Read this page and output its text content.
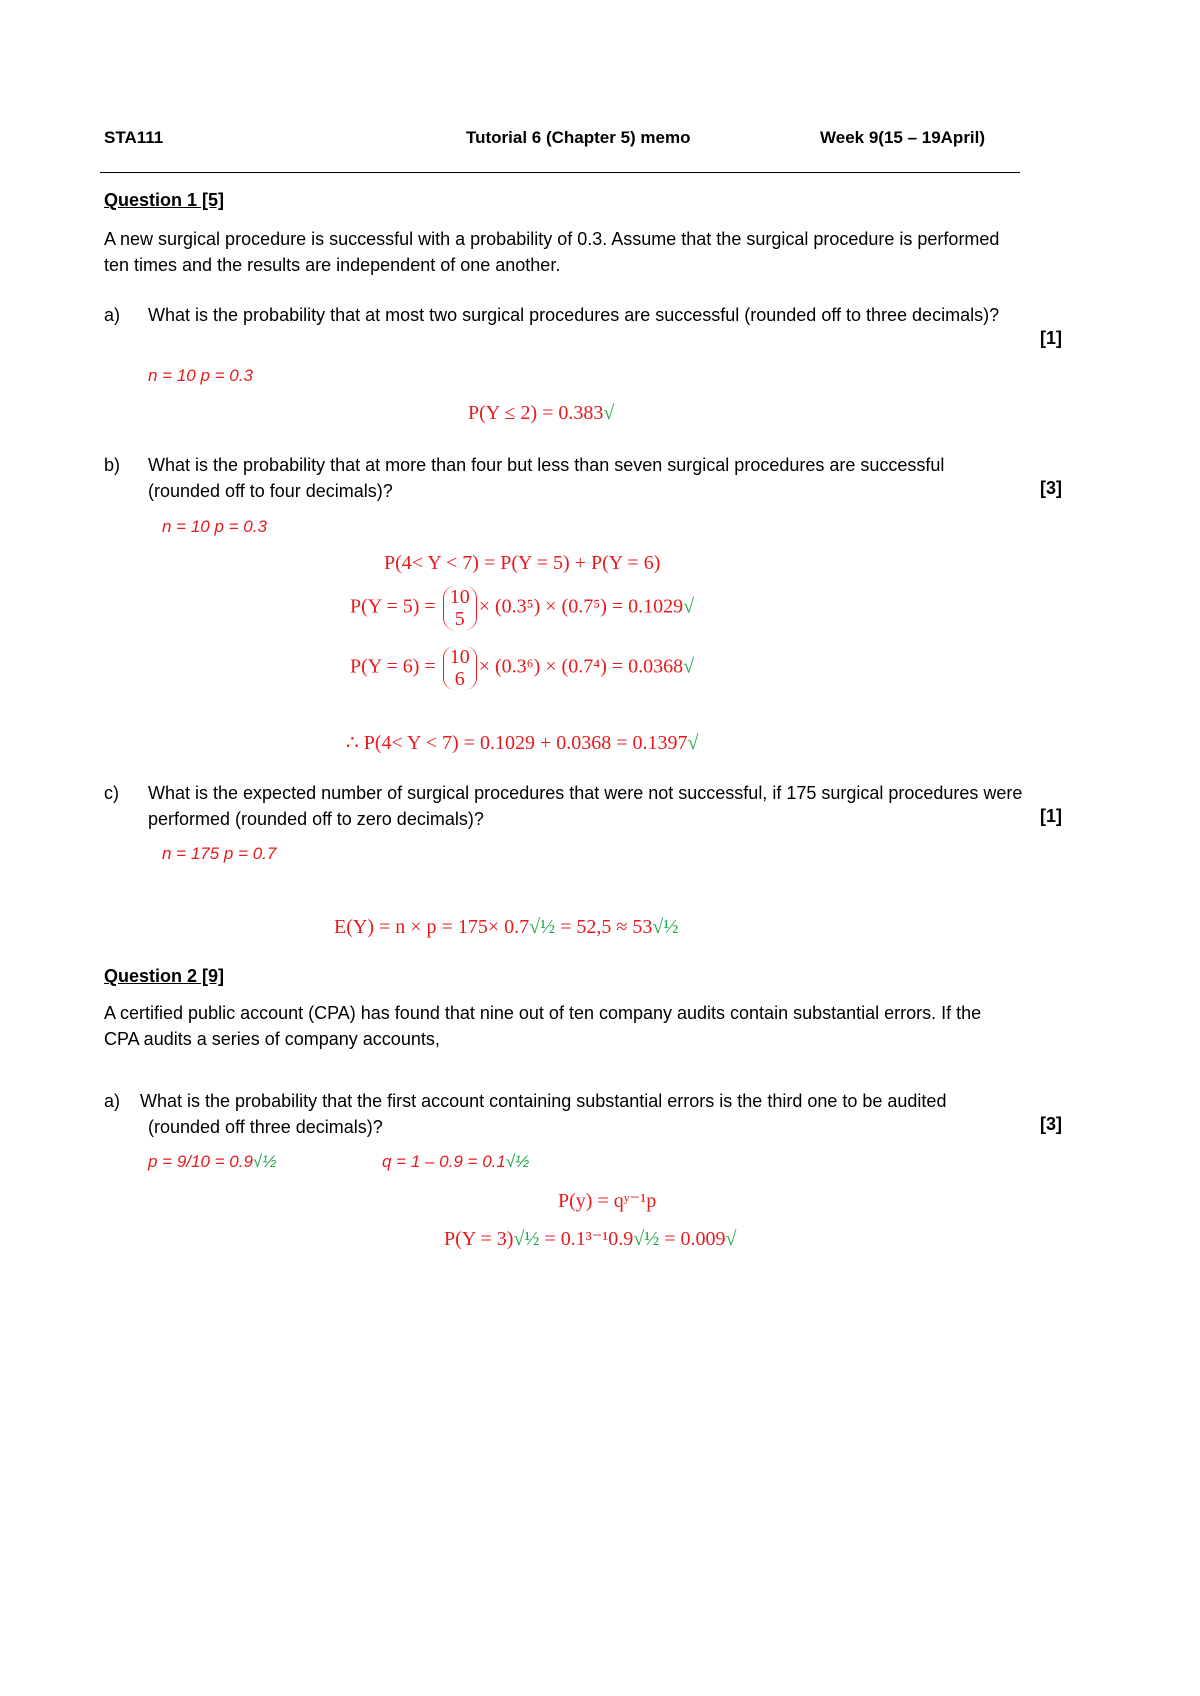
STA111	Tutorial 6 (Chapter 5) memo	Week 9(15 – 19April)
Question 1 [5]
A new surgical procedure is successful with a probability of 0.3. Assume that the surgical procedure is performed
ten times and the results are independent of one another.
a) What is the probability that at most two surgical procedures are successful (rounded off to three decimals)?
[1]
n = 10 p = 0.3
P(Y ≤ 2) = 0.383√
b) What is the probability that at more than four but less than seven surgical procedures are successful
(rounded off to four decimals)?	[3]
n = 10 p = 0.3
P(4< Y < 7) = P(Y = 5) + P(Y = 6)
P(Y = 5) = 10
5
× (0.3⁵) × (0.7⁵) = 0.1029√
P(Y = 6) = 10
6
× (0.3⁶) × (0.7⁴) = 0.0368√
∴ P(4< Y < 7) = 0.1029 + 0.0368 = 0.1397√
c) What is the expected number of surgical procedures that were not successful, if 175 surgical procedures were
performed (rounded off to zero decimals)?	[1]
n = 175 p = 0.7
E(Y) = n × p = 175× 0.7√½ = 52,5 ≈ 53√½
Question 2 [9]
A certified public account (CPA) has found that nine out of ten company audits contain substantial errors. If the
CPA audits a series of company accounts,
a) What is the probability that the first account containing substantial errors is the third one to be audited
(rounded off three decimals)?	[3]
p = 9/10 = 0.9√½	q = 1 – 0.9 = 0.1√½
P(y) = qʸ⁻¹p
P(Y = 3)√½ = 0.1³⁻¹0.9√½ = 0.009√
